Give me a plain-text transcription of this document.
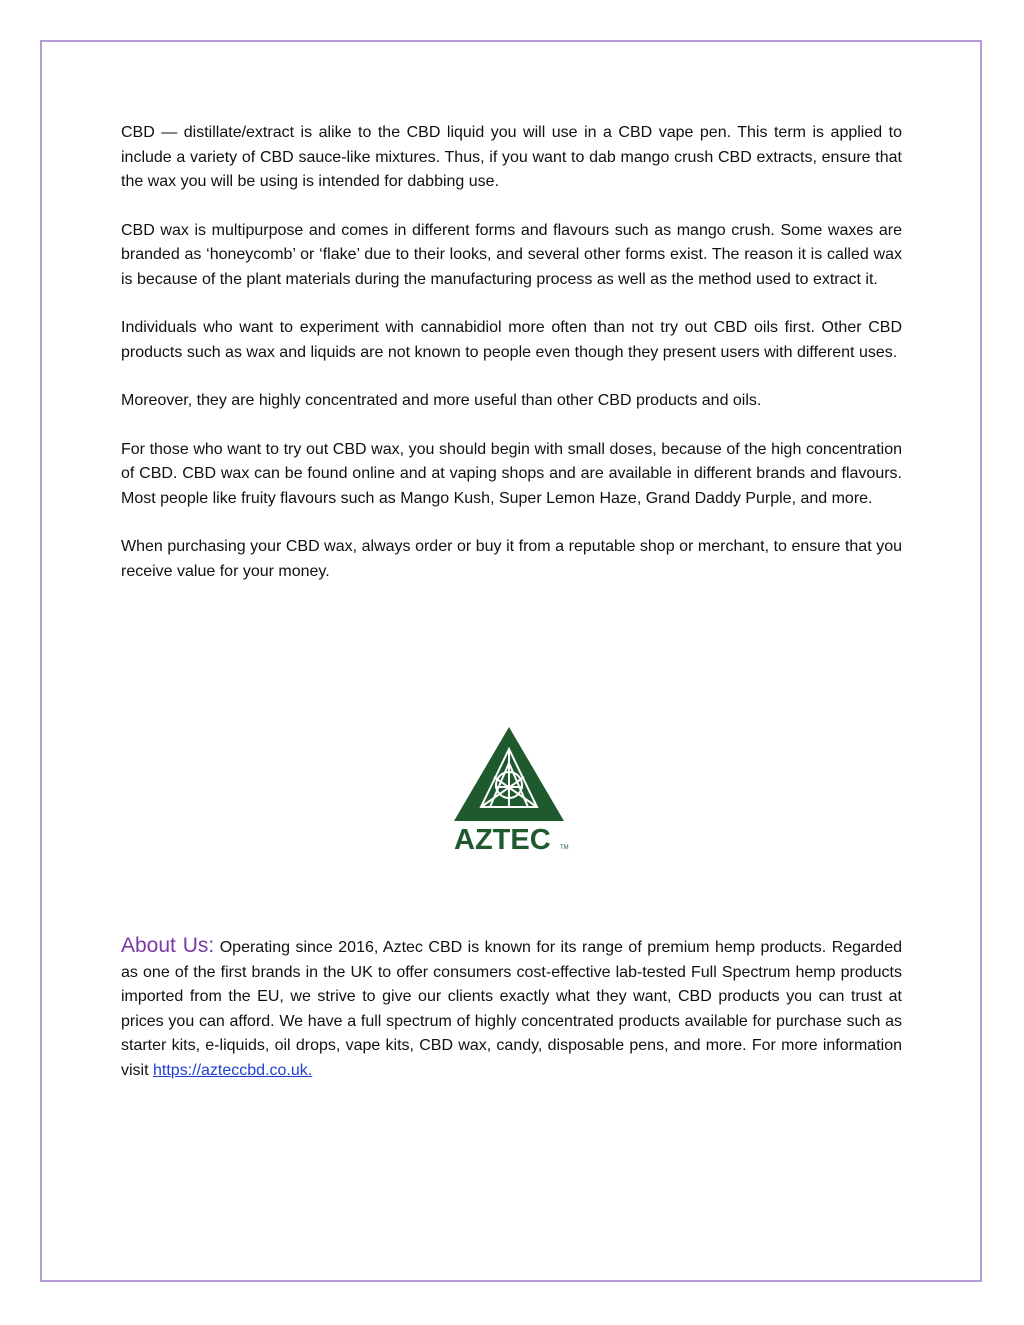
CBD — distillate/extract is alike to the CBD liquid you will use in a CBD vape pen. This term is applied to include a variety of CBD sauce-like mixtures. Thus, if you want to dab mango crush CBD extracts, ensure that the wax you will be using is intended for dabbing use.

CBD wax is multipurpose and comes in different forms and flavours such as mango crush. Some waxes are branded as ‘honeycomb’ or ‘flake’ due to their looks, and several other forms exist. The reason it is called wax is because of the plant materials during the manufacturing process as well as the method used to extract it.

Individuals who want to experiment with cannabidiol more often than not try out CBD oils first. Other CBD products such as wax and liquids are not known to people even though they present users with different uses.

Moreover, they are highly concentrated and more useful than other CBD products and oils.

For those who want to try out CBD wax, you should begin with small doses, because of the high concentration of CBD. CBD wax can be found online and at vaping shops and are available in different brands and flavours. Most people like fruity flavours such as Mango Kush, Super Lemon Haze, Grand Daddy Purple, and more.

When purchasing your CBD wax, always order or buy it from a reputable shop or merchant, to ensure that you receive value for your money.

AZTEC TM
About Us: Operating since 2016, Aztec CBD is known for its range of premium hemp products. Regarded as one of the first brands in the UK to offer consumers cost-effective lab-tested Full Spectrum hemp products imported from the EU, we strive to give our clients exactly what they want, CBD products you can trust at prices you can afford. We have a full spectrum of highly concentrated products available for purchase such as starter kits, e-liquids, oil drops, vape kits, CBD wax, candy, disposable pens, and more. For more information visit https://azteccbd.co.uk.
